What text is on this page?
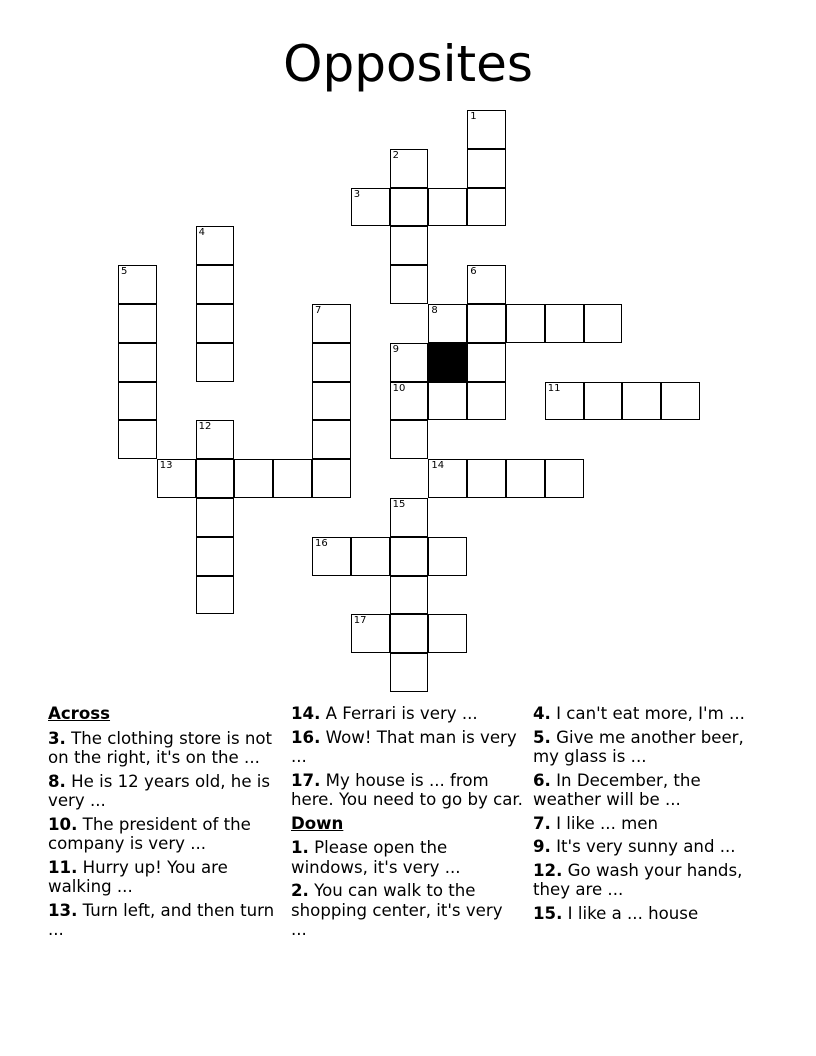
Opposites
1
2
3
4
5	6
7	8
9
10	11
12
13	14
15
16
17
Across
3. The clothing store is not on the right, it's on the ...
8. He is 12 years old, he is very ...
10. The president of the company is very ...
11. Hurry up! You are walking ...
13. Turn left, and then turn ...
14. A Ferrari is very ...
16. Wow! That man is very ...
17. My house is ... from here. You need to go by car.
Down
1. Please open the windows, it's very ...
2. You can walk to the shopping center, it's very ...
4. I can't eat more, I'm ...
5. Give me another beer, my glass is ...
6. In December, the weather will be ...
7. I like ... men
9. It's very sunny and ...
12. Go wash your hands, they are ...
15. I like a ... house
